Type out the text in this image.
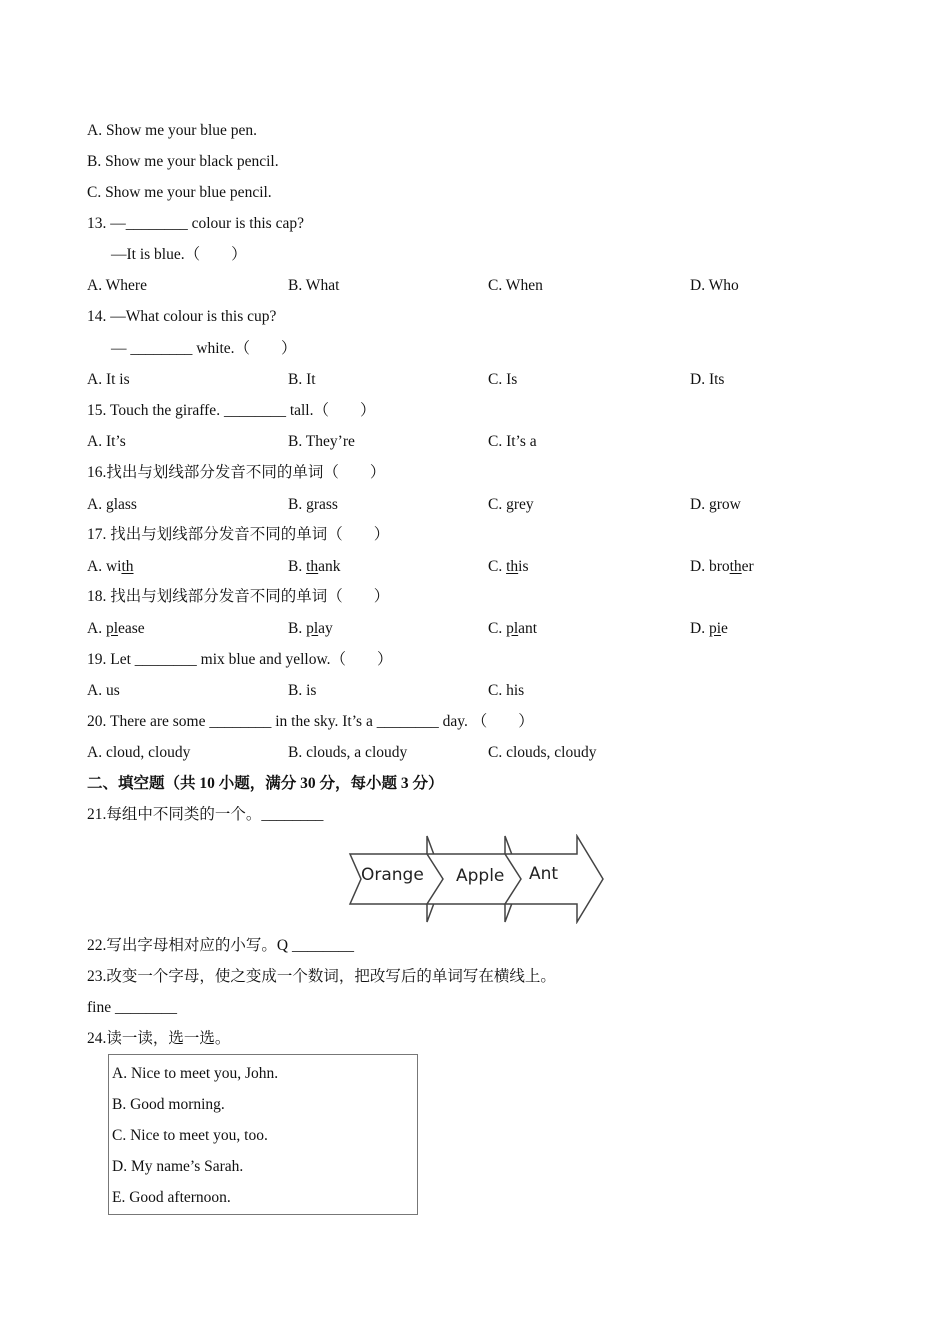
A. Show me your blue pen.
B. Show me your black pencil.
C. Show me your blue pencil.
13. —________ colour is this cap?
—It is blue.（　　）
A. Where	B. What	C. When	D. Who
14. —What colour is this cup?
— ________ white.（　　）
A. It is	B. It	C. Is	D. Its
15. Touch the giraffe. ________ tall.（　　）
A. It’s	B. They’re	C. It’s a
16.找出与划线部分发音不同的单词（　　）
A. glass	B. grass	C. grey	D. grow
17. 找出与划线部分发音不同的单词（　　）
A. with	B. thank	C. this	D. brother
18. 找出与划线部分发音不同的单词（　　）
A. please	B. play	C. plant	D. pie
19. Let ________ mix blue and yellow.（　　）
A. us	B. is	C. his
20. There are some ________ in the sky. It’s a ________ day. （　　）
A. cloud, cloudy	B. clouds, a cloudy	C. clouds, cloudy
二、填空题（共 10 小题，满分 30 分，每小题 3 分）
21.每组中不同类的一个。________
Orange Apple Ant
22.写出字母相对应的小写。Q ________
23.改变一个字母，使之变成一个数词，把改写后的单词写在横线上。
fine ________
24.读一读，选一选。
A. Nice to meet you, John.
B. Good morning.
C. Nice to meet you, too.
D. My name’s Sarah.
E. Good afternoon.
